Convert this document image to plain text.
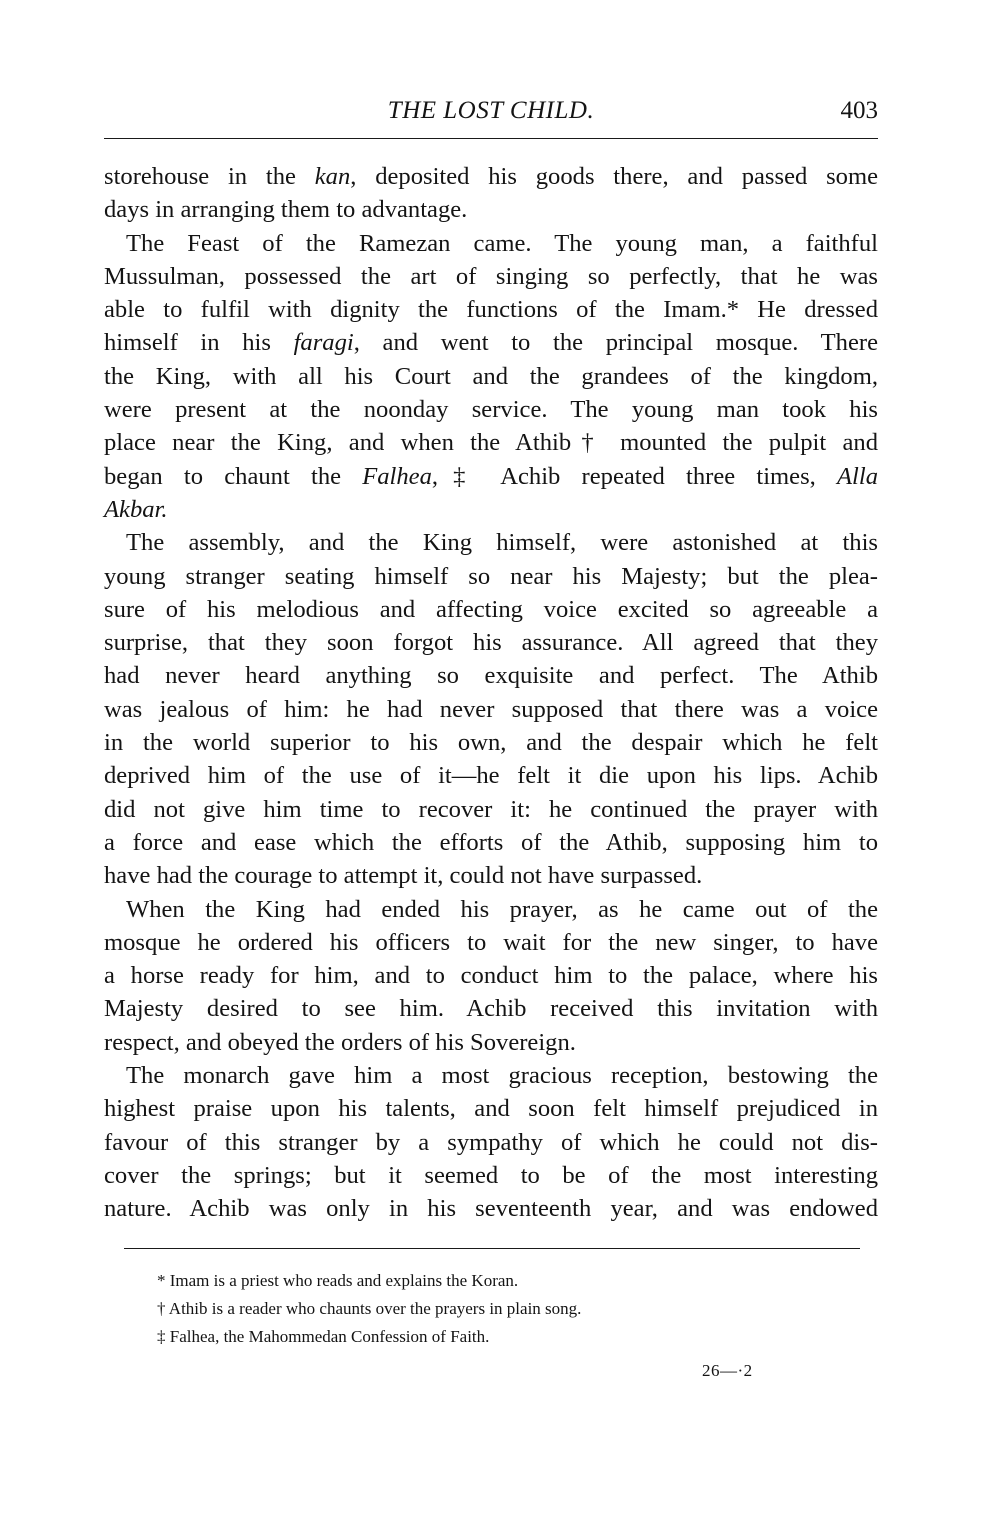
THE LOST CHILD.	403
storehouse in the kan, deposited his goods there, and passed some
days in arranging them to advantage.
The Feast of the Ramezan came. The young man, a faithful
Mussulman, possessed the art of singing so perfectly, that he was
able to fulfil with dignity the functions of the Imam.* He dressed
himself in his faragi, and went to the principal mosque. There
the King, with all his Court and the grandees of the kingdom,
were present at the noonday service. The young man took his
place near the King, and when the Athib† mounted the pulpit and
began to chaunt the Falhea,‡ Achib repeated three times, Alla
Akbar.
The assembly, and the King himself, were astonished at this
young stranger seating himself so near his Majesty; but the plea-
sure of his melodious and affecting voice excited so agreeable a
surprise, that they soon forgot his assurance. All agreed that they
had never heard anything so exquisite and perfect. The Athib
was jealous of him: he had never supposed that there was a voice
in the world superior to his own, and the despair which he felt
deprived him of the use of it—he felt it die upon his lips. Achib
did not give him time to recover it: he continued the prayer with
a force and ease which the efforts of the Athib, supposing him to
have had the courage to attempt it, could not have surpassed.
When the King had ended his prayer, as he came out of the
mosque he ordered his officers to wait for the new singer, to have
a horse ready for him, and to conduct him to the palace, where his
Majesty desired to see him. Achib received this invitation with
respect, and obeyed the orders of his Sovereign.
The monarch gave him a most gracious reception, bestowing the
highest praise upon his talents, and soon felt himself prejudiced in
favour of this stranger by a sympathy of which he could not dis-
cover the springs; but it seemed to be of the most interesting
nature. Achib was only in his seventeenth year, and was endowed
* Imam is a priest who reads and explains the Koran.
† Athib is a reader who chaunts over the prayers in plain song.
‡ Falhea, the Mahommedan Confession of Faith.
26—·2
